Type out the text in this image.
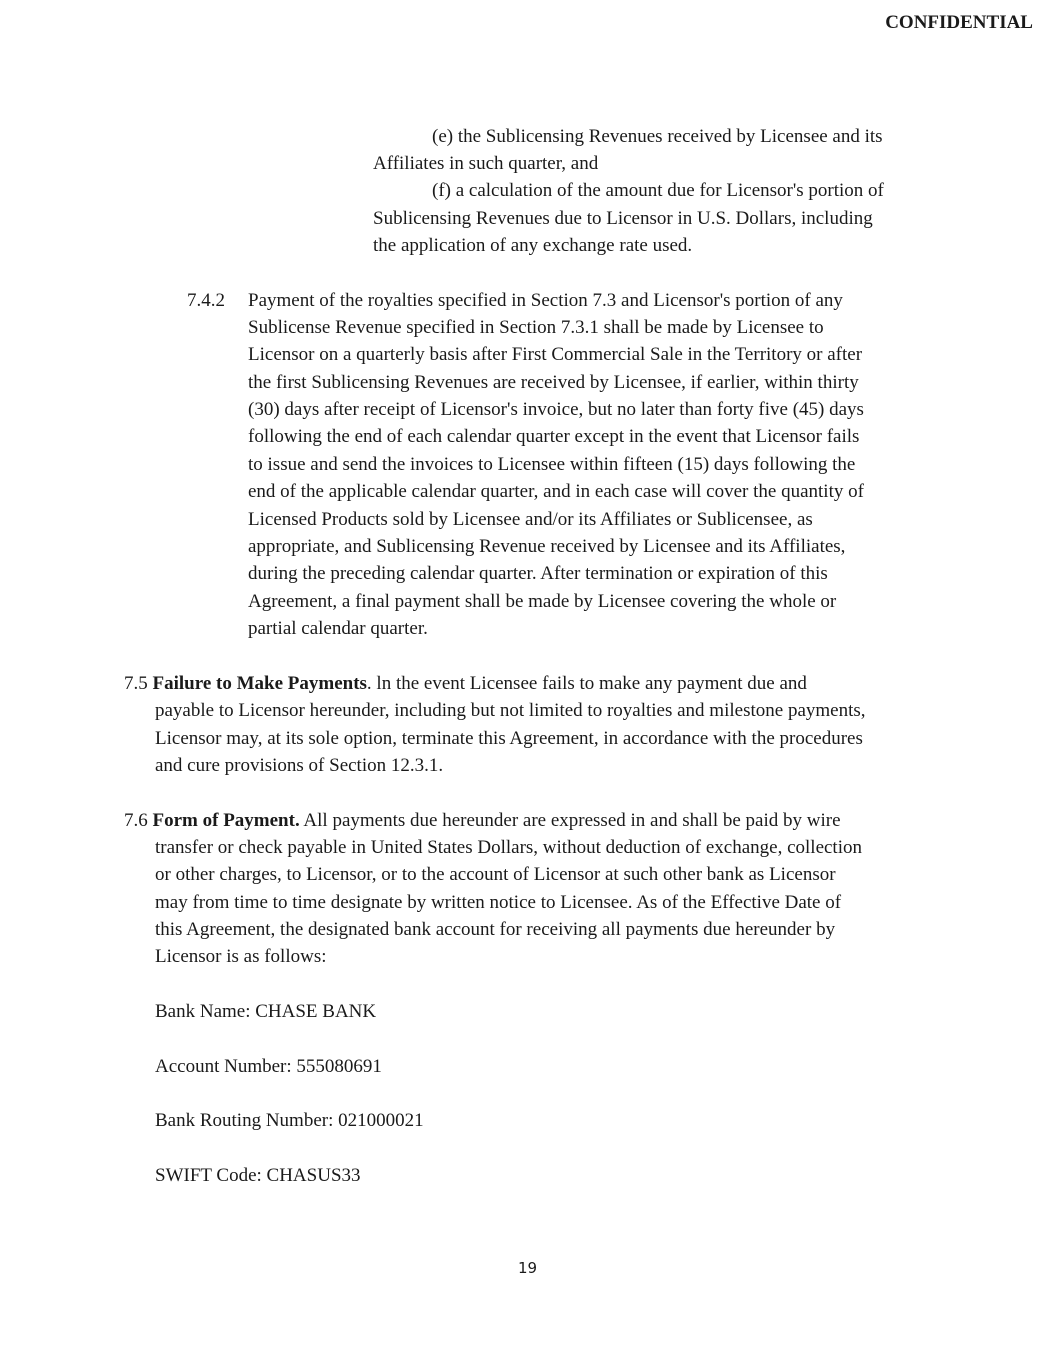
CONFIDENTIAL
(e) the Sublicensing Revenues received by Licensee and its
Affiliates in such quarter, and
(f) a calculation of the amount due for Licensor's portion of
Sublicensing Revenues due to Licensor in U.S. Dollars, including
the application of any exchange rate used.
7.4.2 Payment of the royalties specified in Section 7.3 and Licensor's portion of any
Sublicense Revenue specified in Section 7.3.1 shall be made by Licensee to
Licensor on a quarterly basis after First Commercial Sale in the Territory or after
the first Sublicensing Revenues are received by Licensee, if earlier, within thirty
(30) days after receipt of Licensor's invoice, but no later than forty five (45) days
following the end of each calendar quarter except in the event that Licensor fails
to issue and send the invoices to Licensee within fifteen (15) days following the
end of the applicable calendar quarter, and in each case will cover the quantity of
Licensed Products sold by Licensee and/or its Affiliates or Sublicensee, as
appropriate, and Sublicensing Revenue received by Licensee and its Affiliates,
during the preceding calendar quarter. After termination or expiration of this
Agreement, a final payment shall be made by Licensee covering the whole or
partial calendar quarter.
7.5 Failure to Make Payments. ln the event Licensee fails to make any payment due and
payable to Licensor hereunder, including but not limited to royalties and milestone payments,
Licensor may, at its sole option, terminate this Agreement, in accordance with the procedures
and cure provisions of Section 12.3.1.
7.6 Form of Payment. All payments due hereunder are expressed in and shall be paid by wire
transfer or check payable in United States Dollars, without deduction of exchange, collection
or other charges, to Licensor, or to the account of Licensor at such other bank as Licensor
may from time to time designate by written notice to Licensee. As of the Effective Date of
this Agreement, the designated bank account for receiving all payments due hereunder by
Licensor is as follows:
Bank Name: CHASE BANK
Account Number: 555080691
Bank Routing Number: 021000021
SWIFT Code: CHASUS33
19
